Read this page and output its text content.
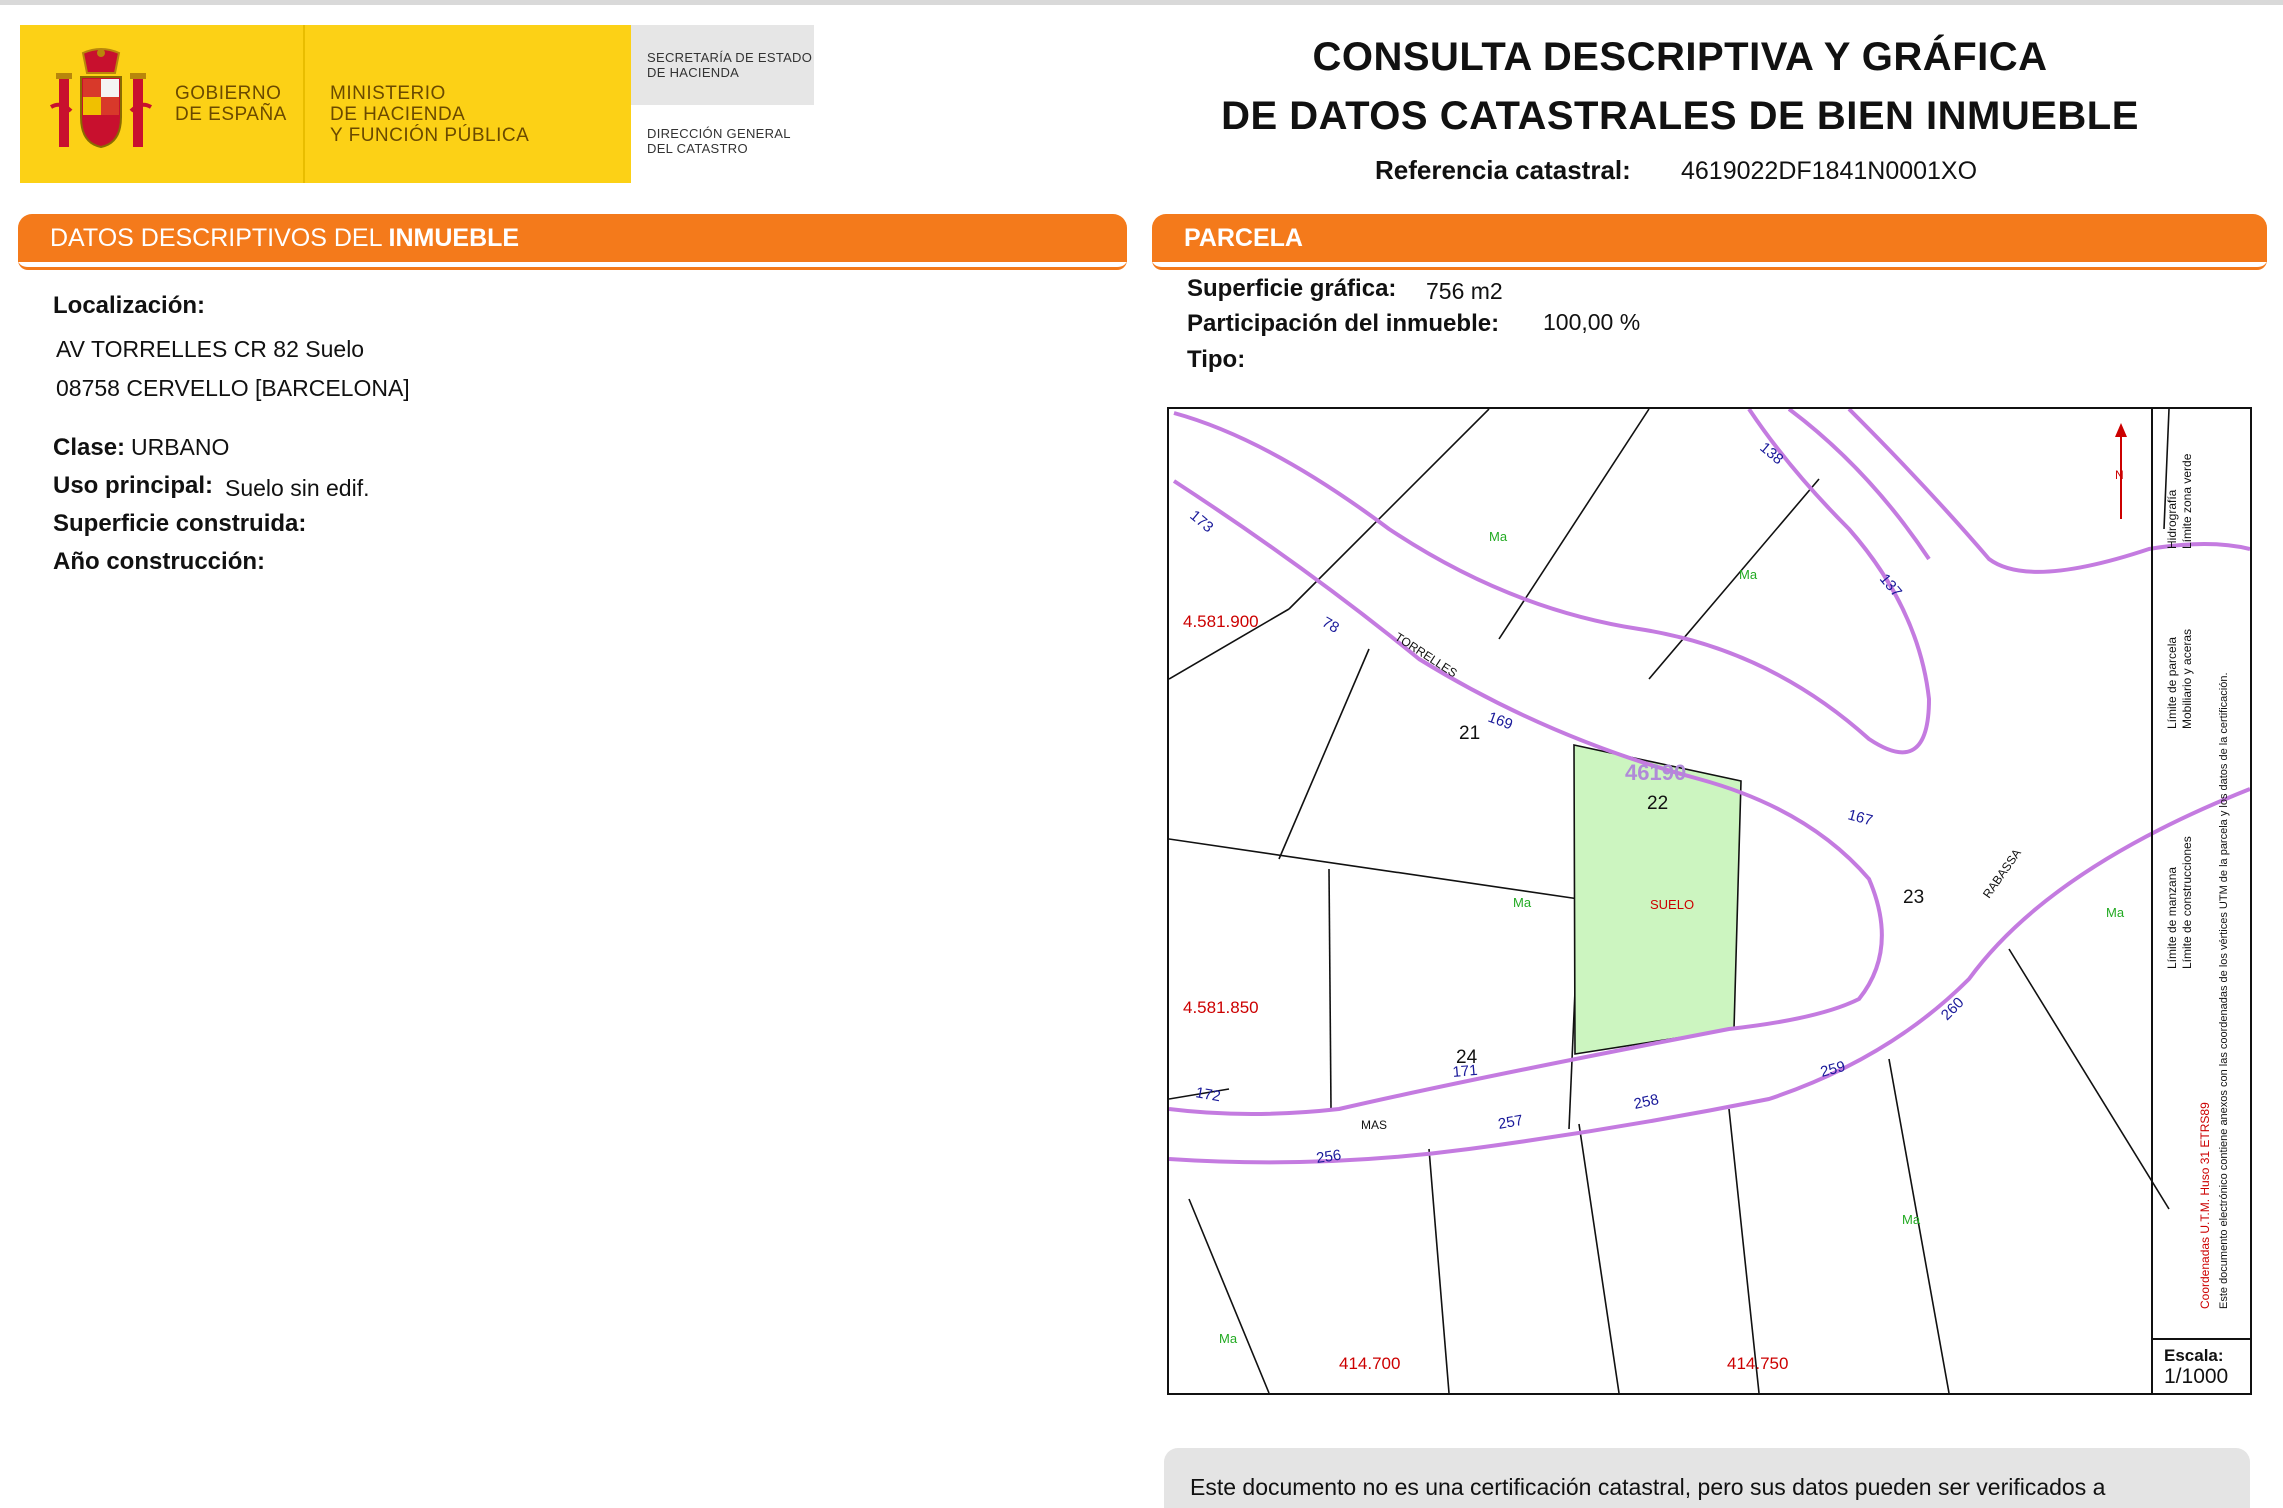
GOBIERNO
DE ESPAÑA
MINISTERIO
DE HACIENDA
Y FUNCIÓN PÚBLICA
SECRETARÍA DE ESTADO
DE HACIENDA
DIRECCIÓN GENERAL
DEL CATASTRO
CONSULTA DESCRIPTIVA Y GRÁFICA
DE DATOS CATASTRALES DE BIEN INMUEBLE
Referencia catastral: 4619022DF1841N0001XO
DATOS DESCRIPTIVOS DEL INMUEBLE
Localización:
AV TORRELLES CR 82 Suelo
08758 CERVELLO [BARCELONA]
Clase: URBANO
Uso principal: Suelo sin edif.
Superficie construida:
Año construcción:
PARCELA
Superficie gráfica: 756 m2
Participación del inmueble: 100,00 %
Tipo:
4.581.900
4.581.850
414.700	414.750
TORRELLES
RABASSA
MAS
46190
SUELO
21
22
23
24
Ma
Ma
Ma
Ma
Ma
Ma
173
78
169
138
137
167
172
171
256
257
258
259
260
N
Límite de manzana
Límite de parcela
Límite de construcciones
Mobiliario y aceras
Hidrografía Límite zona verde
Coordenadas U.T.M. Huso 31 ETRS89 Este documento electrónico contiene anexos con las coordenadas de los vértices UTM de la parcela y los datos de la certificación.
Escala:
1/1000
Este documento no es una certificación catastral, pero sus datos pueden ser verificados a
